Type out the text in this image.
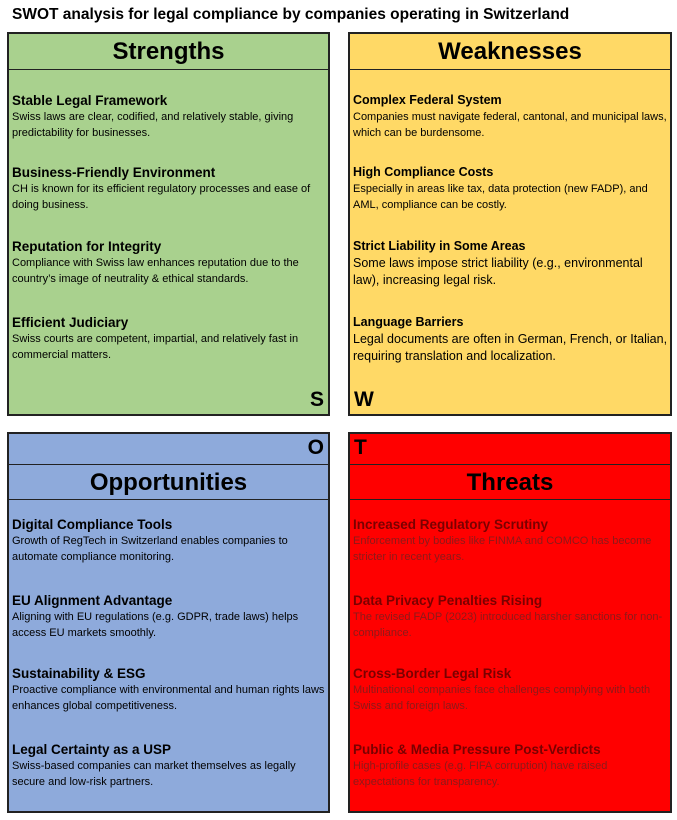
SWOT analysis for legal compliance by companies operating in Switzerland
Strengths
Stable Legal Framework
Swiss laws are clear, codified, and relatively stable, giving predictability for businesses.
Business-Friendly Environment
CH is known for its efficient regulatory processes and ease of doing business.
Reputation for Integrity
Compliance with Swiss law enhances reputation due to the country’s image of neutrality & ethical standards.
Efficient Judiciary
Swiss courts are competent, impartial, and relatively fast in commercial matters.
S
Weaknesses
Complex Federal System
Companies must navigate federal, cantonal, and municipal laws, which can be burdensome.
High Compliance Costs
Especially in areas like tax, data protection (new FADP), and AML, compliance can be costly.
Strict Liability in Some Areas
Some laws impose strict liability (e.g., environmental law), increasing legal risk.
Language Barriers
Legal documents are often in German, French, or Italian, requiring translation and localization.
W
O
Opportunities
Digital Compliance Tools
Growth of RegTech in Switzerland enables companies to automate compliance monitoring.
EU Alignment Advantage
Aligning with EU regulations (e.g. GDPR, trade laws) helps access EU markets smoothly.
Sustainability & ESG
Proactive compliance with environmental and human rights laws enhances global competitiveness.
Legal Certainty as a USP
Swiss-based companies can market themselves as legally secure and low-risk partners.
T
Threats
Increased Regulatory Scrutiny
Enforcement by bodies like FINMA and COMCO has become stricter in recent years.
Data Privacy Penalties Rising
The revised FADP (2023) introduced harsher sanctions for non-compliance.
Cross-Border Legal Risk
Multinational companies face challenges complying with both Swiss and foreign laws.
Public & Media Pressure Post-Verdicts
High-profile cases (e.g. FIFA corruption) have raised expectations for transparency.
